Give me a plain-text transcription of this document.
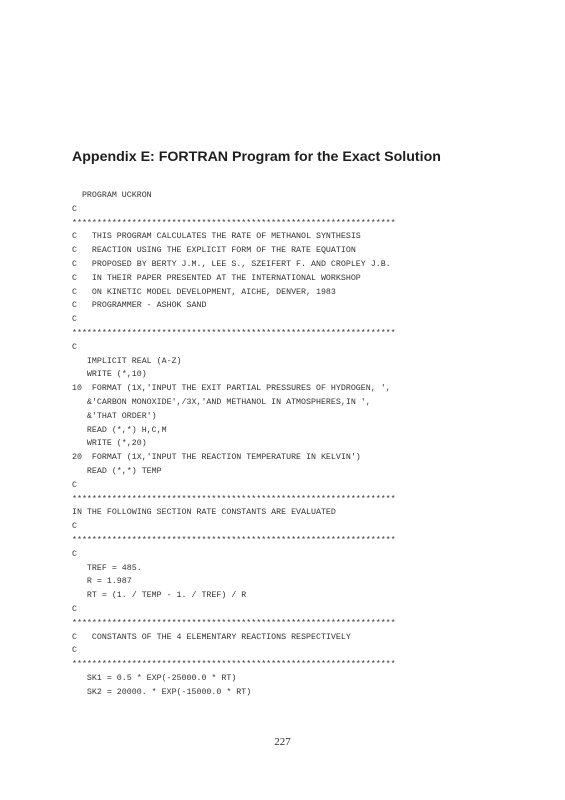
Appendix E: FORTRAN Program for the Exact Solution
PROGRAM UCKRON
C
*****************************************************************
C   THIS PROGRAM CALCULATES THE RATE OF METHANOL SYNTHESIS
C   REACTION USING THE EXPLICIT FORM OF THE RATE EQUATION
C   PROPOSED BY BERTY J.M., LEE S., SZEIFERT F. AND CROPLEY J.B.
C   IN THEIR PAPER PRESENTED AT THE INTERNATIONAL WORKSHOP
C   ON KINETIC MODEL DEVELOPMENT, AICHE, DENVER, 1983
C   PROGRAMMER - ASHOK SAND
C
*****************************************************************
C
IMPLICIT REAL (A-Z)
WRITE (*,10)
10  FORMAT (1X,'INPUT THE EXIT PARTIAL PRESSURES OF HYDROGEN, ',
&'CARBON MONOXIDE',/3X,'AND METHANOL IN ATMOSPHERES,IN ',
&'THAT ORDER')
READ (*,*) H,C,M
WRITE (*,20)
20  FORMAT (1X,'INPUT THE REACTION TEMPERATURE IN KELVIN')
READ (*,*) TEMP
C
*****************************************************************
IN THE FOLLOWING SECTION RATE CONSTANTS ARE EVALUATED
C
*****************************************************************
C
TREF = 485.
R = 1.987
RT = (1. / TEMP - 1. / TREF) / R
C
*****************************************************************
C   CONSTANTS OF THE 4 ELEMENTARY REACTIONS RESPECTIVELY
C
*****************************************************************
SK1 = 0.5 * EXP(-25000.0 * RT)
SK2 = 20000. * EXP(-15000.0 * RT)
227
